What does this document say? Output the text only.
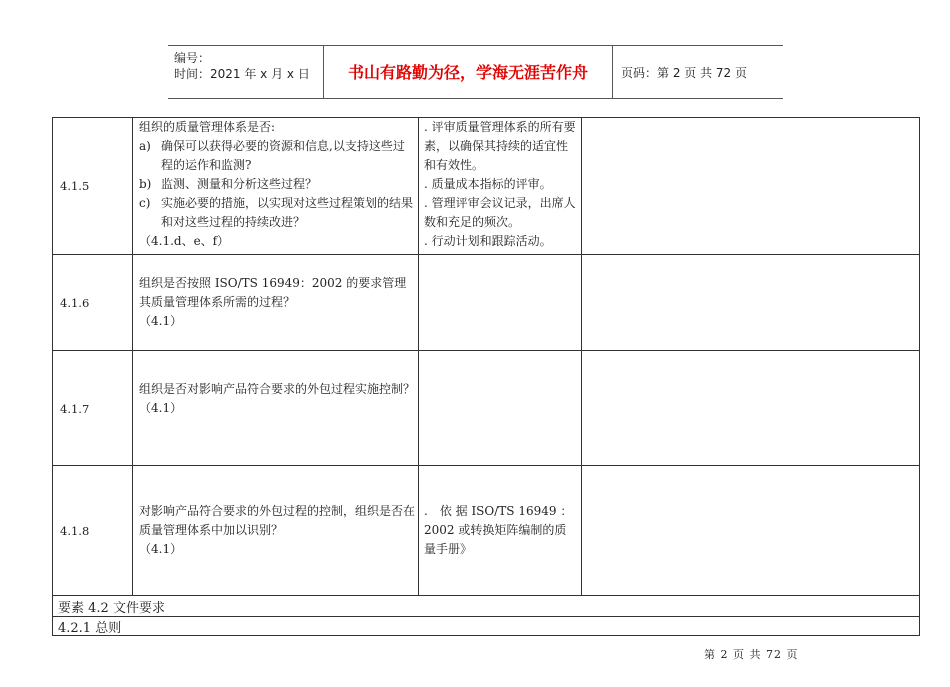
编号：
时间：2021 年 x 月 x 日	书山有路勤为径，学海无涯苦作舟	页码：第 2 页 共 72 页
4.1.5
组织的质量管理体系是否:
a) 确保可以获得必要的资源和信息,以支持这些过程的运作和监测?
b) 监测、测量和分析这些过程？
c) 实施必要的措施，以实现对这些过程策划的结果和对这些过程的持续改进？
（4.1.d、e、f）
. 评审质量管理体系的所有要素，以确保其持续的适宜性和有效性。
. 质量成本指标的评审。
. 管理评审会议记录，出席人数和充足的频次。
. 行动计划和跟踪活动。
4.1.6
组织是否按照 ISO/TS 16949：2002 的要求管理其质量管理体系所需的过程？
（4.1）
4.1.7
组织是否对影响产品符合要求的外包过程实施控制？
（4.1）
4.1.8
对影响产品符合要求的外包过程的控制，组织是否在质量管理体系中加以识别？
（4.1）
.　依 据 ISO/TS 16949 ：2002 或转换矩阵编制的质量手册》
要素 4.2 文件要求
4.2.1 总则
第 2 页 共 72 页
